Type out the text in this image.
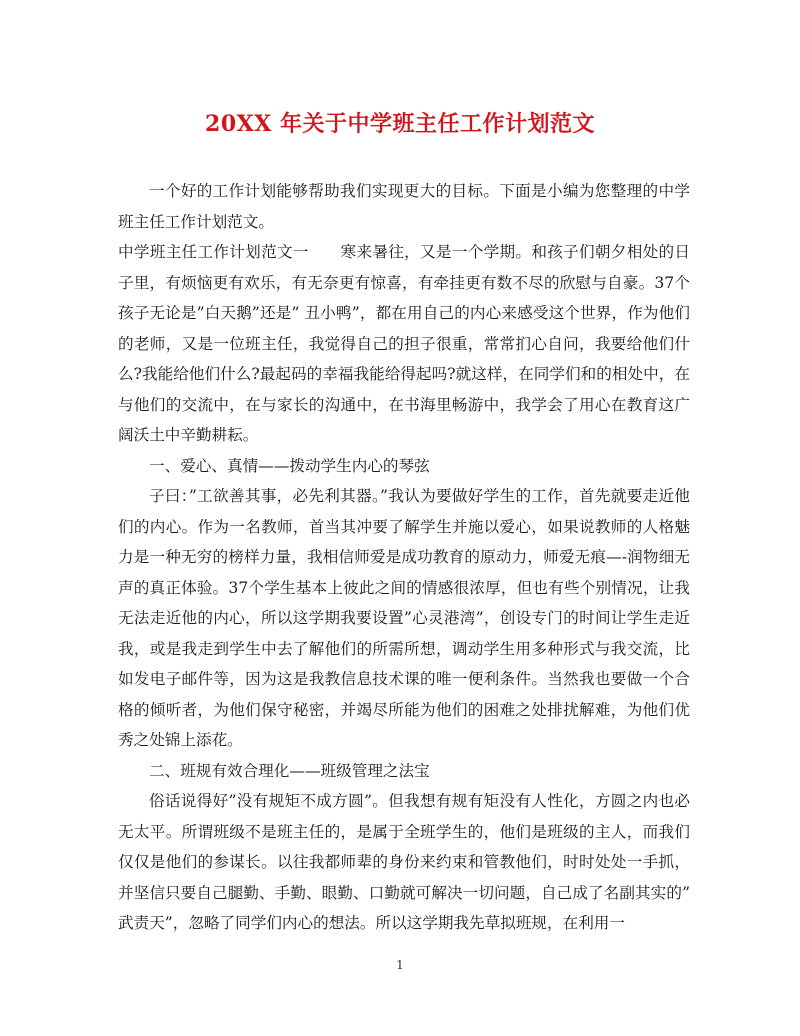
20XX 年关于中学班主任工作计划范文

一个好的工作计划能够帮助我们实现更大的目标。下面是小编为您整理的中学班主任工作计划范文。

中学班主任工作计划范文一　　寒来暑往，又是一个学期。和孩子们朝夕相处的日子里，有烦恼更有欢乐，有无奈更有惊喜，有牵挂更有数不尽的欣慰与自豪。37个孩子无论是”白天鹅”还是” 丑小鸭”，都在用自己的内心来感受这个世界，作为他们的老师，又是一位班主任，我觉得自己的担子很重，常常扪心自问，我要给他们什么?我能给他们什么?最起码的幸福我能给得起吗?就这样，在同学们和的相处中，在与他们的交流中，在与家长的沟通中，在书海里畅游中，我学会了用心在教育这广阔沃土中辛勤耕耘。

一、爱心、真情——拨动学生内心的琴弦

子曰：”工欲善其事，必先利其器。”我认为要做好学生的工作，首先就要走近他们的内心。作为一名教师，首当其冲要了解学生并施以爱心，如果说教师的人格魅力是一种无穷的榜样力量，我相信师爱是成功教育的原动力，师爱无痕—-润物细无声的真正体验。37个学生基本上彼此之间的情感很浓厚，但也有些个别情况，让我无法走近他的内心，所以这学期我要设置”心灵港湾”，创设专门的时间让学生走近我，或是我走到学生中去了解他们的所需所想，调动学生用多种形式与我交流，比如发电子邮件等，因为这是我教信息技术课的唯一便利条件。当然我也要做一个合格的倾听者，为他们保守秘密，并竭尽所能为他们的困难之处排扰解难，为他们优秀之处锦上添花。

二、班规有效合理化——班级管理之法宝

俗话说得好”没有规矩不成方圆”。但我想有规有矩没有人性化，方圆之内也必无太平。所谓班级不是班主任的，是属于全班学生的，他们是班级的主人，而我们仅仅是他们的参谋长。以往我都师辈的身份来约束和管教他们，时时处处一手抓，并坚信只要自己腿勤、手勤、眼勤、口勤就可解决一切问题，自己成了名副其实的” 武责天”，忽略了同学们内心的想法。所以这学期我先草拟班规，在利用一

1
